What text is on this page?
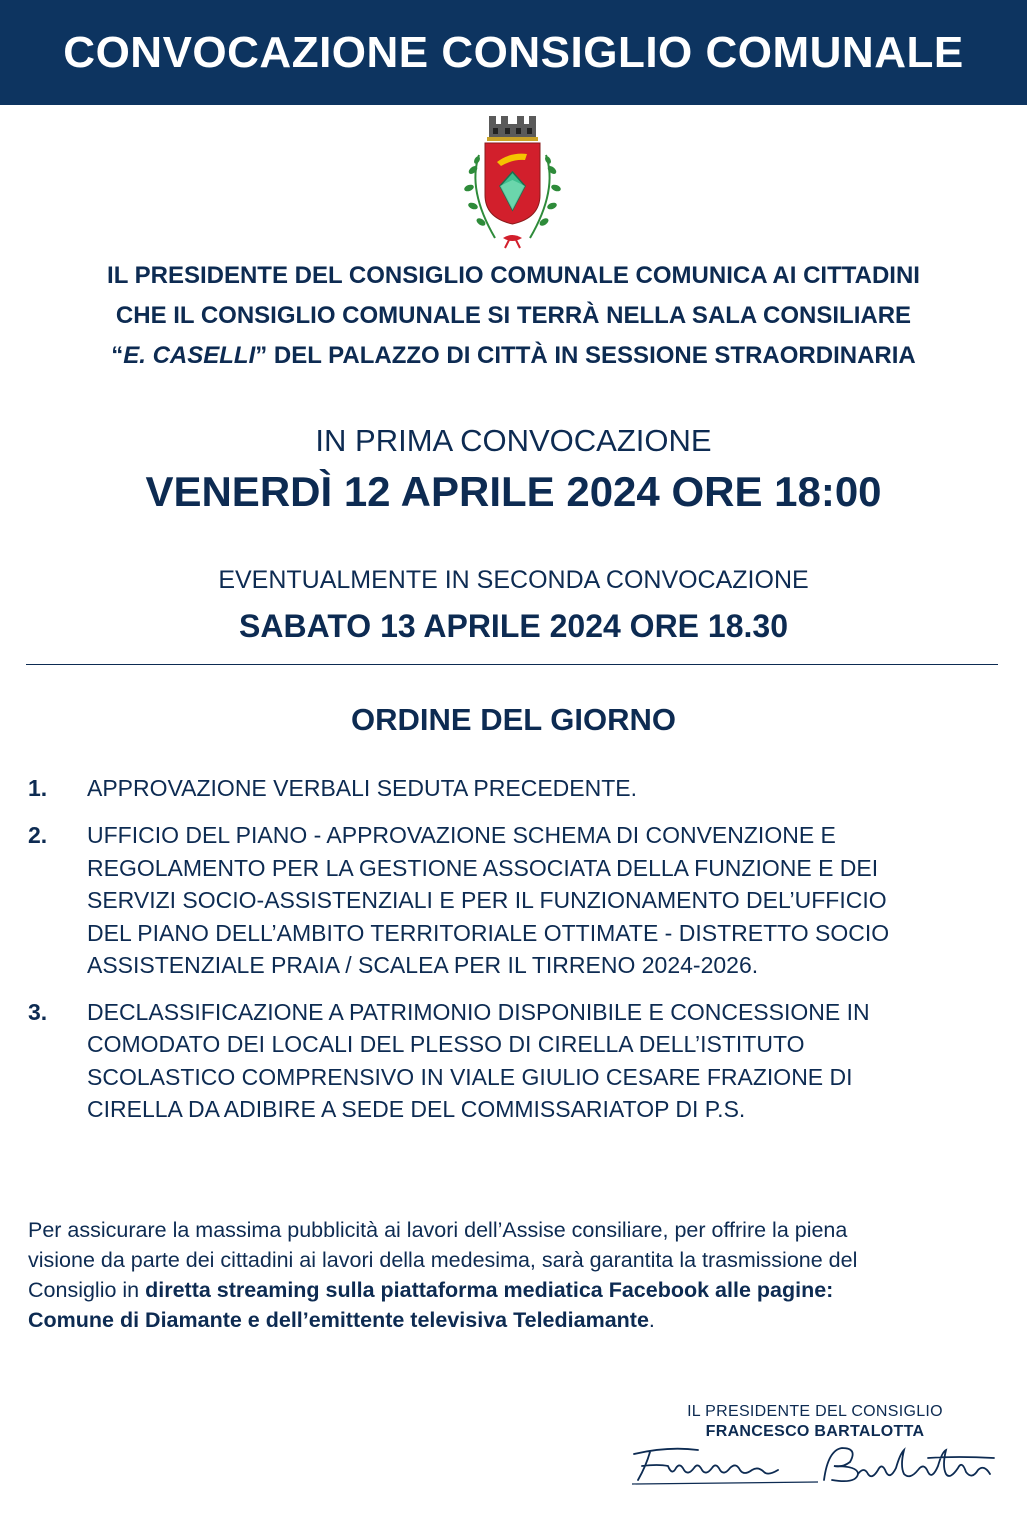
CONVOCAZIONE CONSIGLIO COMUNALE
IL PRESIDENTE DEL CONSIGLIO COMUNALE COMUNICA AI CITTADINI
CHE IL CONSIGLIO COMUNALE SI TERRÀ NELLA SALA CONSILIARE
“E. CASELLI” DEL PALAZZO DI CITTÀ IN SESSIONE STRAORDINARIA
IN PRIMA CONVOCAZIONE
VENERDÌ 12 APRILE 2024 ORE 18:00
EVENTUALMENTE IN SECONDA CONVOCAZIONE
SABATO 13 APRILE 2024 ORE 18.30
ORDINE DEL GIORNO
1.	APPROVAZIONE VERBALI SEDUTA PRECEDENTE.
2.	UFFICIO DEL PIANO - APPROVAZIONE SCHEMA DI CONVENZIONE E
REGOLAMENTO PER LA GESTIONE ASSOCIATA DELLA FUNZIONE E DEI
SERVIZI SOCIO-ASSISTENZIALI E PER IL FUNZIONAMENTO DEL’UFFICIO
DEL PIANO DELL’AMBITO TERRITORIALE OTTIMATE - DISTRETTO SOCIO
ASSISTENZIALE PRAIA / SCALEA PER IL TIRRENO 2024-2026.
3.	DECLASSIFICAZIONE A PATRIMONIO DISPONIBILE E CONCESSIONE IN
COMODATO DEI LOCALI DEL PLESSO DI CIRELLA DELL’ISTITUTO
SCOLASTICO COMPRENSIVO IN VIALE GIULIO CESARE FRAZIONE DI
CIRELLA DA ADIBIRE A SEDE DEL COMMISSARIATOP DI P.S.
Per assicurare la massima pubblicità ai lavori dell’Assise consiliare, per offrire la piena
visione da parte dei cittadini ai lavori della medesima, sarà garantita la trasmissione del
Consiglio in diretta streaming sulla piattaforma mediatica Facebook alle pagine:
Comune di Diamante e dell’emittente televisiva Telediamante.
IL PRESIDENTE DEL CONSIGLIO
FRANCESCO BARTALOTTA
